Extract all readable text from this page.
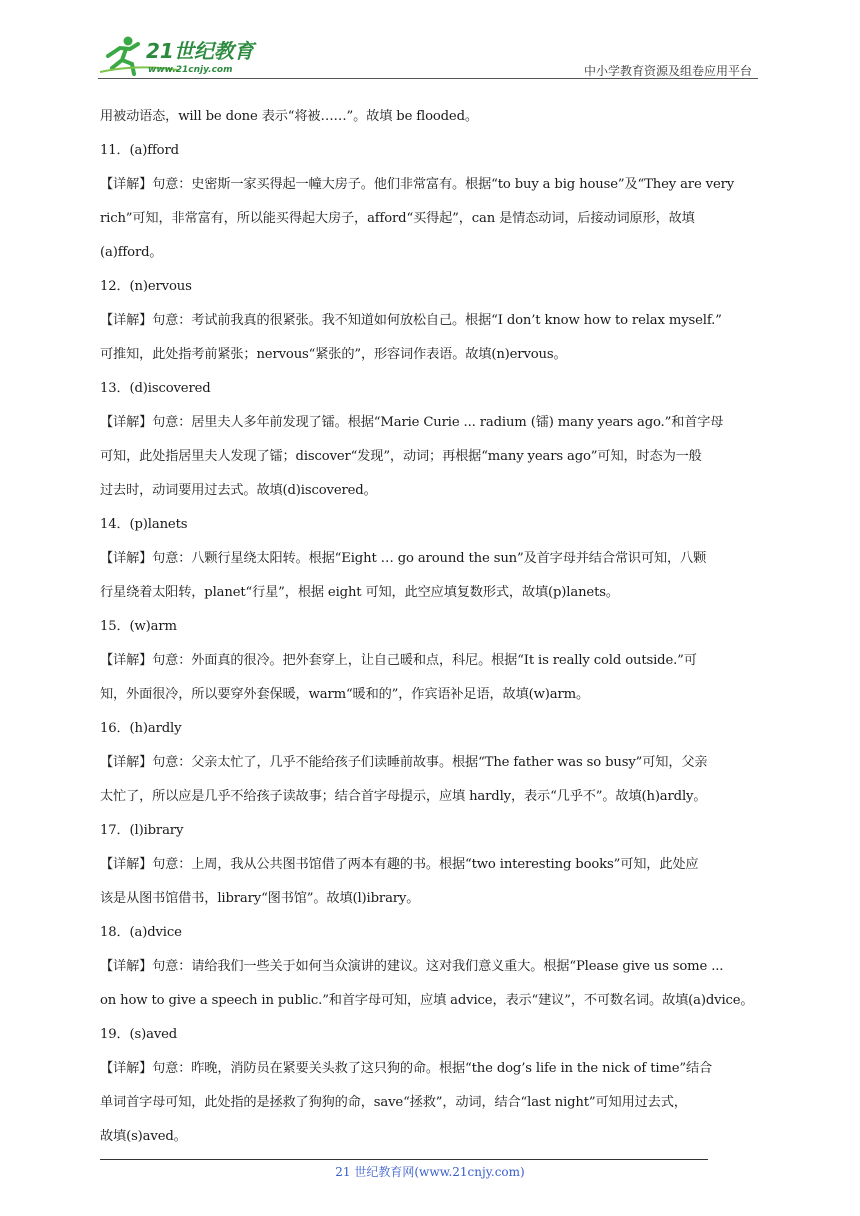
21世纪教育
www.21cnjy.com	中小学教育资源及组卷应用平台
用被动语态，will be done 表示“将被……”。故填 be flooded。
11．(a)fford
【详解】句意：史密斯一家买得起一幢大房子。他们非常富有。根据“to buy a big house”及“They are very
rich”可知，非常富有，所以能买得起大房子，afford“买得起”，can 是情态动词，后接动词原形，故填
(a)fford。
12．(n)ervous
【详解】句意：考试前我真的很紧张。我不知道如何放松自己。根据“I don’t know how to relax myself.”
可推知，此处指考前紧张；nervous“紧张的”，形容词作表语。故填(n)ervous。
13．(d)iscovered
【详解】句意：居里夫人多年前发现了镭。根据“Marie Curie ... radium (镭) many years ago.”和首字母
可知，此处指居里夫人发现了镭；discover“发现”，动词；再根据“many years ago”可知，时态为一般
过去时，动词要用过去式。故填(d)iscovered。
14．(p)lanets
【详解】句意：八颗行星绕太阳转。根据“Eight … go around the sun”及首字母并结合常识可知，八颗
行星绕着太阳转，planet“行星”，根据 eight 可知，此空应填复数形式，故填(p)lanets。
15．(w)arm
【详解】句意：外面真的很冷。把外套穿上，让自己暖和点，科尼。根据“It is really cold outside.”可
知，外面很冷，所以要穿外套保暖，warm“暖和的”，作宾语补足语，故填(w)arm。
16．(h)ardly
【详解】句意：父亲太忙了，几乎不能给孩子们读睡前故事。根据“The father was so busy”可知，父亲
太忙了，所以应是几乎不给孩子读故事；结合首字母提示，应填 hardly，表示“几乎不”。故填(h)ardly。
17．(l)ibrary
【详解】句意：上周，我从公共图书馆借了两本有趣的书。根据“two interesting books”可知，此处应
该是从图书馆借书，library“图书馆”。故填(l)ibrary。
18．(a)dvice
【详解】句意：请给我们一些关于如何当众演讲的建议。这对我们意义重大。根据“Please give us some ...
on how to give a speech in public.”和首字母可知，应填 advice，表示“建议”，不可数名词。故填(a)dvice。
19．(s)aved
【详解】句意：昨晚，消防员在紧要关头救了这只狗的命。根据“the dog’s life in the nick of time”结合
单词首字母可知，此处指的是拯救了狗狗的命，save“拯救”，动词，结合“last night”可知用过去式，
故填(s)aved。
21 世纪教育网(www.21cnjy.com)
